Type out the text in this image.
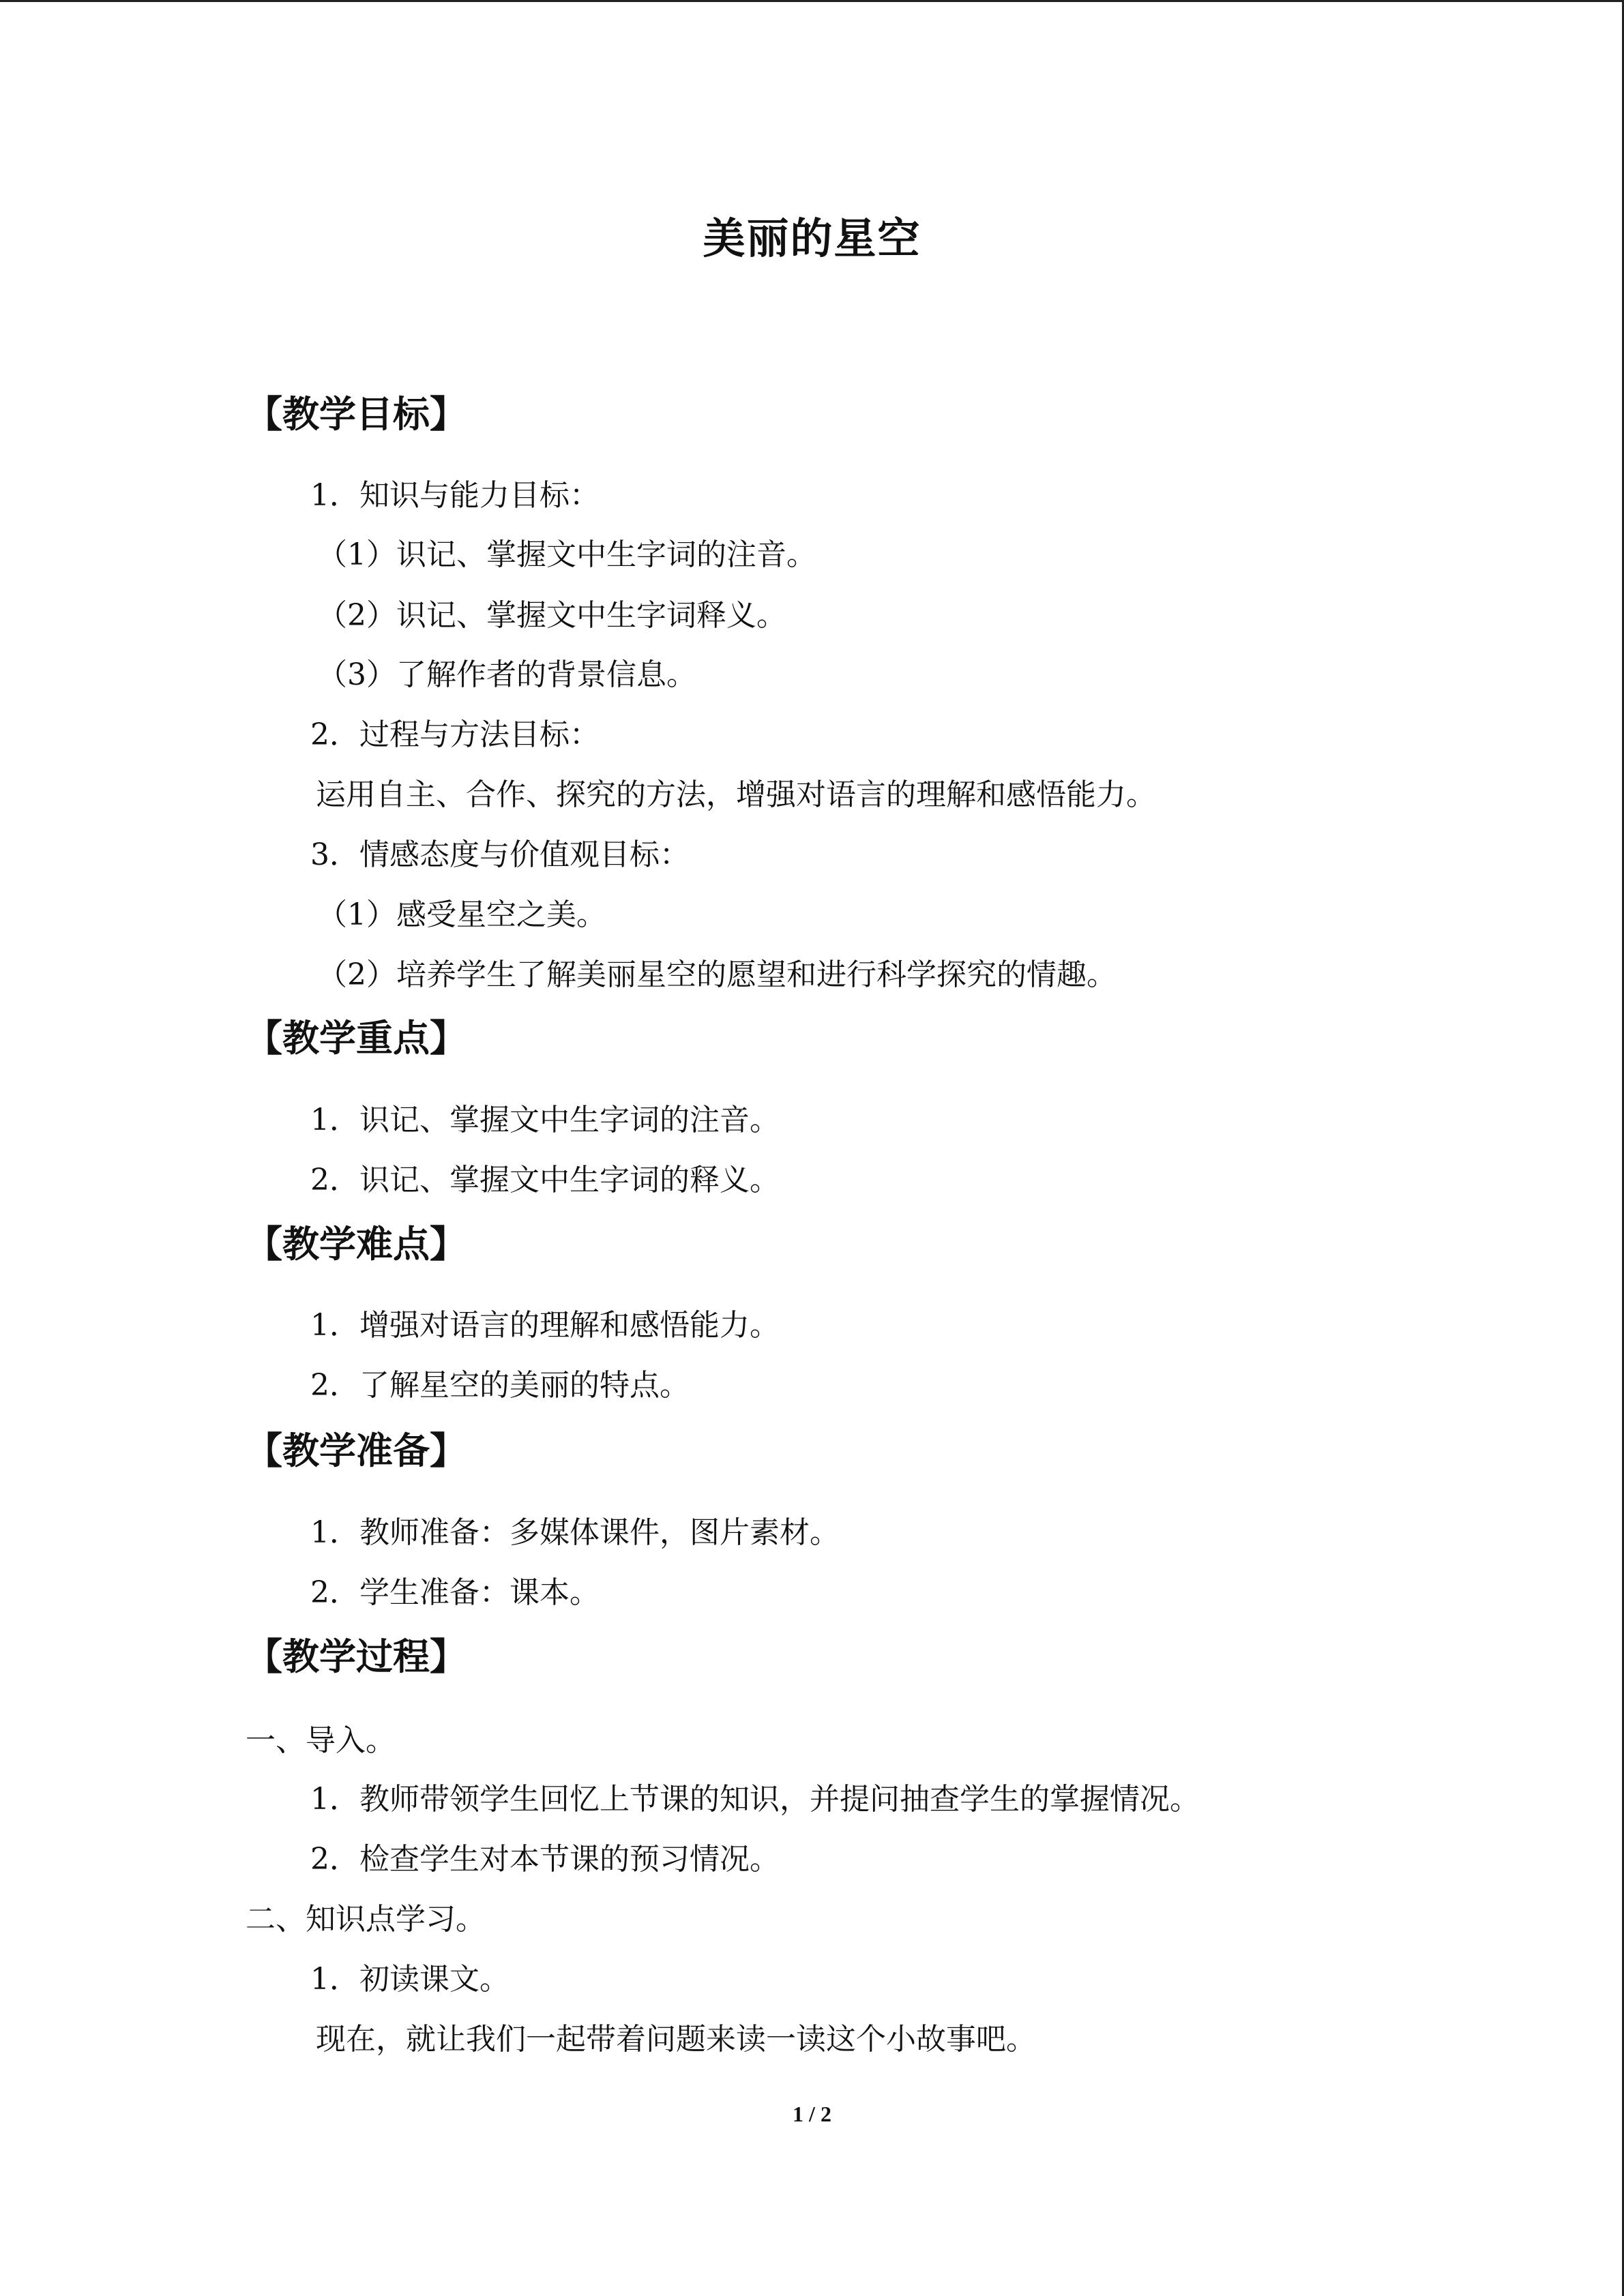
美丽的星空
【教学目标】
1．知识与能力目标：
（1）识记、掌握文中生字词的注音。
（2）识记、掌握文中生字词释义。
（3）了解作者的背景信息。
2．过程与方法目标：
运用自主、合作、探究的方法，增强对语言的理解和感悟能力。
3．情感态度与价值观目标：
（1）感受星空之美。
（2）培养学生了解美丽星空的愿望和进行科学探究的情趣。
【教学重点】
1．识记、掌握文中生字词的注音。
2．识记、掌握文中生字词的释义。
【教学难点】
1．增强对语言的理解和感悟能力。
2．了解星空的美丽的特点。
【教学准备】
1．教师准备：多媒体课件，图片素材。
2．学生准备：课本。
【教学过程】
一、导入。
1．教师带领学生回忆上节课的知识，并提问抽查学生的掌握情况。
2．检查学生对本节课的预习情况。
二、知识点学习。
1．初读课文。
现在，就让我们一起带着问题来读一读这个小故事吧。
1 / 2
